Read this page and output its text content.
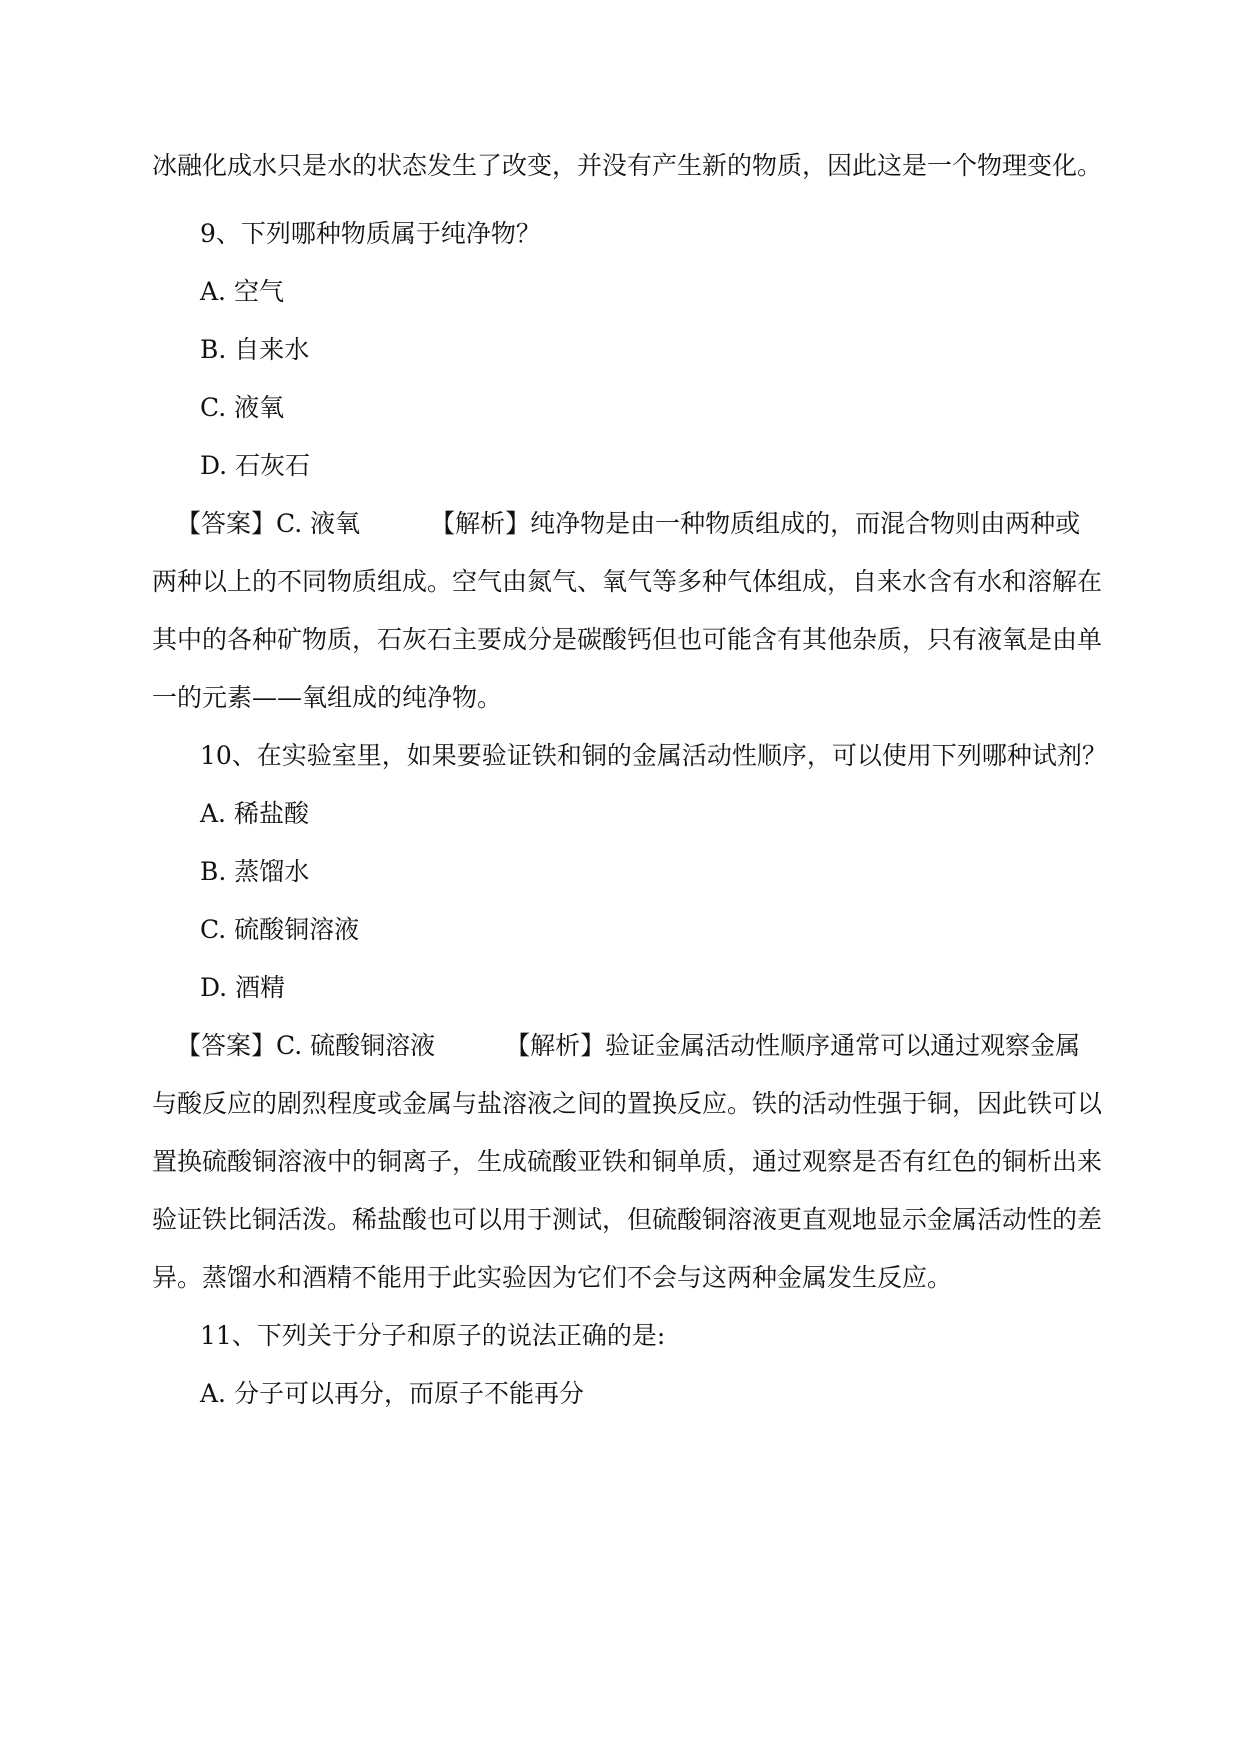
冰融化成水只是水的状态发生了改变，并没有产生新的物质，因此这是一个物理变化。
9、下列哪种物质属于纯净物？
A. 空气
B. 自来水
C. 液氧
D. 石灰石
【答案】C. 液氧	【解析】纯净物是由一种物质组成的，而混合物则由两种或
两种以上的不同物质组成。空气由氮气、氧气等多种气体组成，自来水含有水和溶解在
其中的各种矿物质，石灰石主要成分是碳酸钙但也可能含有其他杂质，只有液氧是由单
一的元素——氧组成的纯净物。
10、在实验室里，如果要验证铁和铜的金属活动性顺序，可以使用下列哪种试剂？
A. 稀盐酸
B. 蒸馏水
C. 硫酸铜溶液
D. 酒精
【答案】C. 硫酸铜溶液	【解析】验证金属活动性顺序通常可以通过观察金属
与酸反应的剧烈程度或金属与盐溶液之间的置换反应。铁的活动性强于铜，因此铁可以
置换硫酸铜溶液中的铜离子，生成硫酸亚铁和铜单质，通过观察是否有红色的铜析出来
验证铁比铜活泼。稀盐酸也可以用于测试，但硫酸铜溶液更直观地显示金属活动性的差
异。蒸馏水和酒精不能用于此实验因为它们不会与这两种金属发生反应。
11、下列关于分子和原子的说法正确的是:
A. 分子可以再分，而原子不能再分
